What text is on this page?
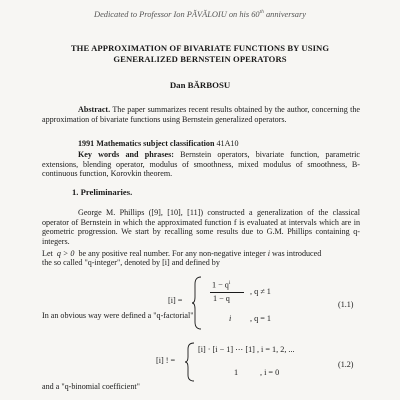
Dedicated to Professor Ion PĂVĂLOIU on his 60th anniversary
THE APPROXIMATION OF BIVARIATE FUNCTIONS BY USING
GENERALIZED BERNSTEIN OPERATORS
Dan BĂRBOSU
Abstract. The paper summarizes recent results obtained by the author, concerning the approximation of bivariate functions using Bernstein generalized operators.
1991 Mathematics subject classification 41A10
Key words and phrases: Bernstein operators, bivariate function, parametric extensions, blending operator, modulus of smoothness, mixed modulus of smoothness, B-continuous function, Korovkin theorem.
1. Preliminaries.
George M. Phillips ([9], [10], [11]) constructed a generalization of the classical operator of Bernstein in which the approximated function f is evaluated at intervals which are in geometric progression. We start by recalling some results due to G.M. Phillips containing q-integers.
Let q > 0 be any positive real number. For any non-negative integer i was introduced
the so called "q-integer", denoted by [i] and defined by
[i] =
$1 - q^i$
1 − q
, q ≠ 1
i , q = 1
(1.1)
In an obvious way were defined a "q-factorial"
[i] ! =
[i] · [i − 1] ⋯ [1] , i = 1, 2, ...
1	, i = 0
(1.2)
and a "q-binomial coefficient"
